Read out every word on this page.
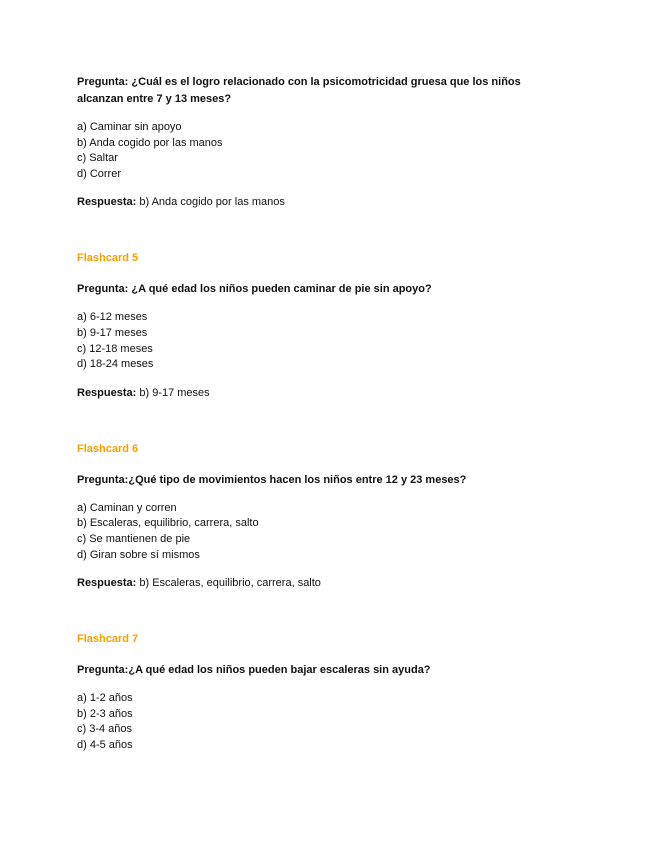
Pregunta: ¿Cuál es el logro relacionado con la psicomotricidad gruesa que los niños
alcanzan entre 7 y 13 meses?

a) Caminar sin apoyo

b) Anda cogido por las manos

c) Saltar

d) Correr

Respuesta: b) Anda cogido por las manos

Flashcard 5

Pregunta: ¿A qué edad los niños pueden caminar de pie sin apoyo?

a) 6-12 meses

b) 9-17 meses

c) 12-18 meses

d) 18-24 meses

Respuesta: b) 9-17 meses

Flashcard 6

Pregunta:¿Qué tipo de movimientos hacen los niños entre 12 y 23 meses?

a) Caminan y corren

b) Escaleras, equilibrio, carrera, salto

c) Se mantienen de pie

d) Giran sobre sí mismos

Respuesta: b) Escaleras, equilibrio, carrera, salto

Flashcard 7

Pregunta:¿A qué edad los niños pueden bajar escaleras sin ayuda?

a) 1-2 años

b) 2-3 años

c) 3-4 años

d) 4-5 años
